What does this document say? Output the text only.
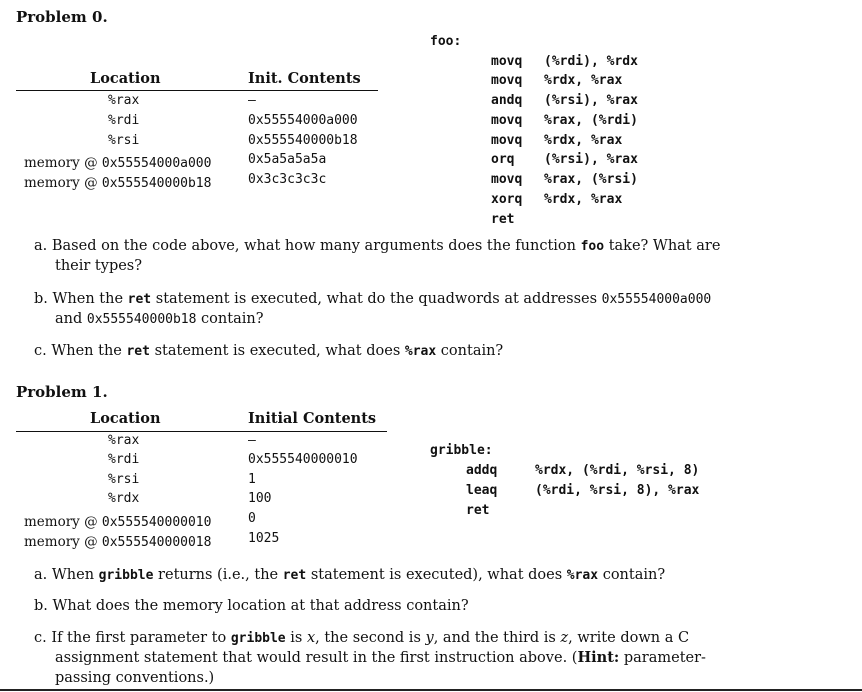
Problem 0.
Location	Init. Contents
%rax	–
%rdi	0x55554000a000
%rsi	0x555540000b18
memory @ 0x55554000a000	0x5a5a5a5a
memory @ 0x555540000b18	0x3c3c3c3c
foo:
movq (%rdi), %rdx
movq %rdx, %rax
andq (%rsi), %rax
movq %rax, (%rdi)
movq %rdx, %rax
orq (%rsi), %rax
movq %rax, (%rsi)
xorq %rdx, %rax
ret
a. Based on the code above, what how many arguments does the function foo take? What are
their types?
b. When the ret statement is executed, what do the quadwords at addresses 0x55554000a000
and 0x555540000b18 contain?
c. When the ret statement is executed, what does %rax contain?
Problem 1.
Location	Initial Contents
%rax	–
%rdi	0x555540000010
%rsi	1
%rdx	100
memory @ 0x555540000010	0
memory @ 0x555540000018	1025
gribble:
addq	%rdx, (%rdi, %rsi, 8)
leaq	(%rdi, %rsi, 8), %rax
ret
a. When gribble returns (i.e., the ret statement is executed), what does %rax contain?
b. What does the memory location at that address contain?
c. If the first parameter to gribble is x, the second is y, and the third is z, write down a C
assignment statement that would result in the first instruction above. (Hint: parameter-
passing conventions.)
